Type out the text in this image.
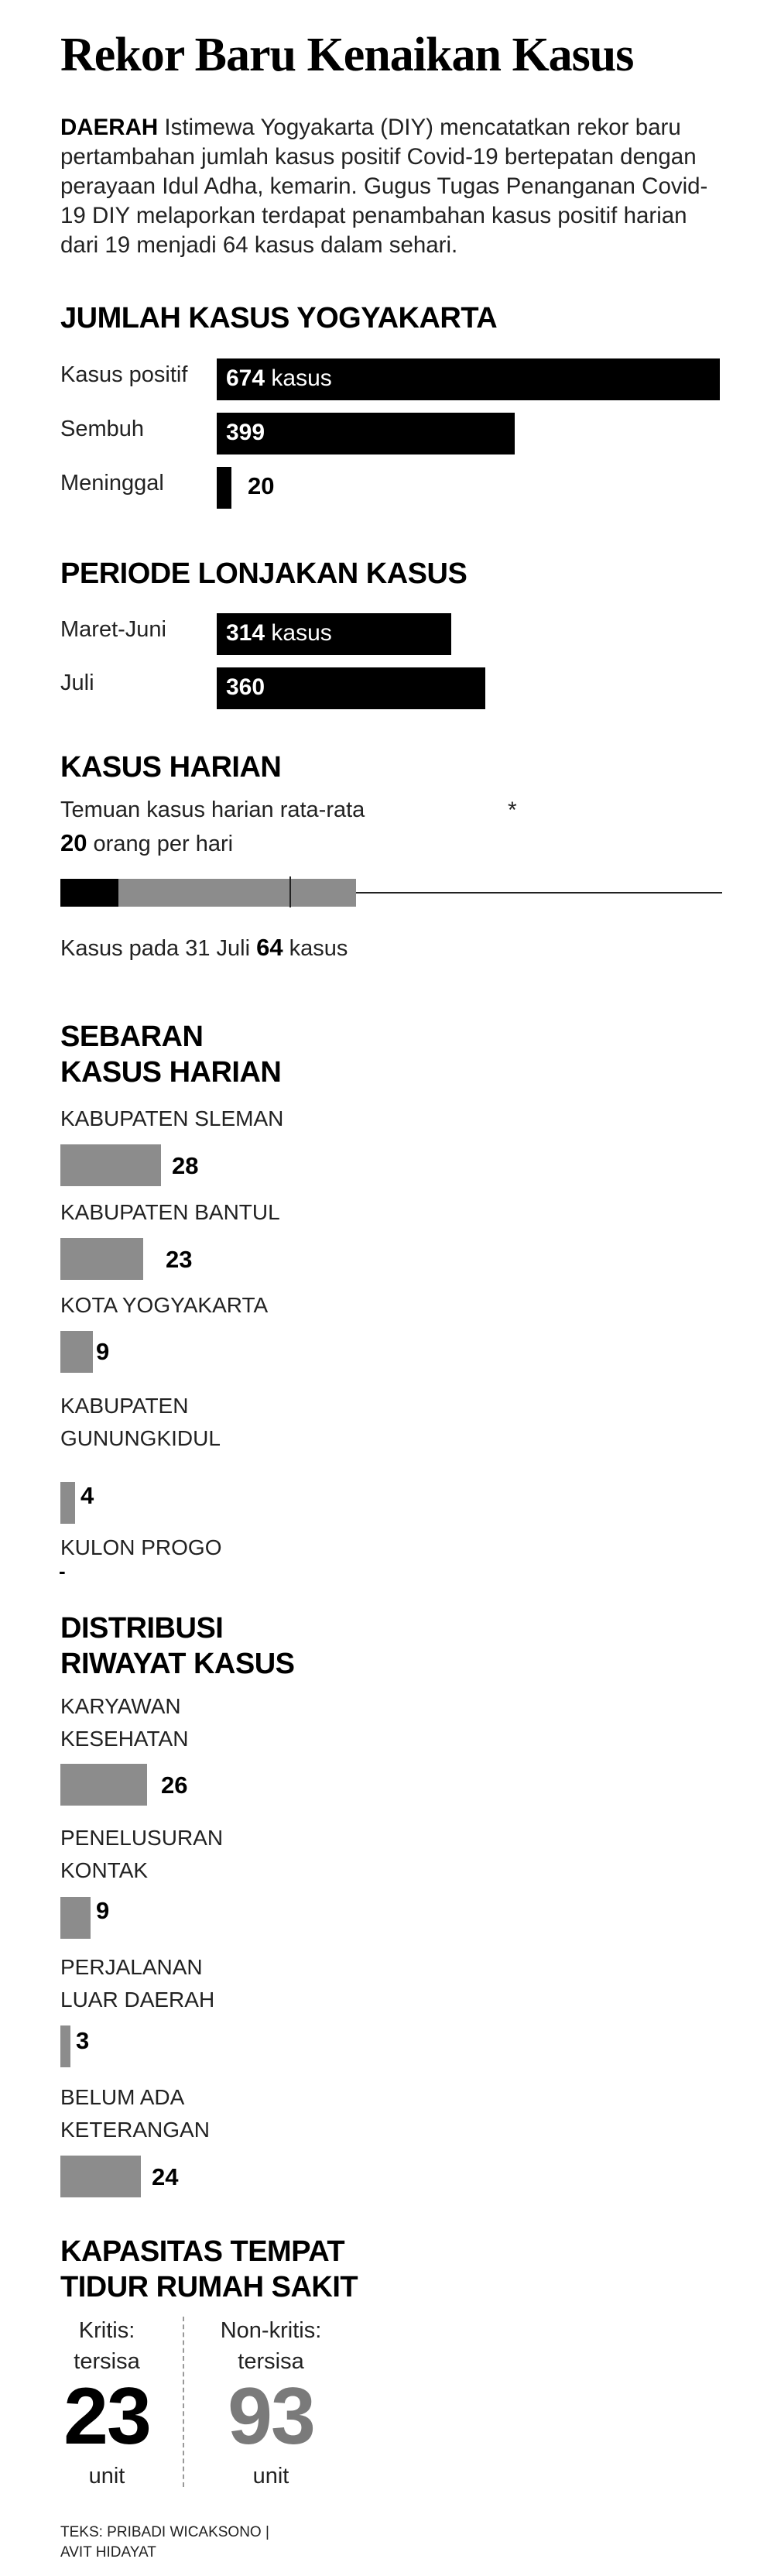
Rekor Baru Kenaikan Kasus
DAERAH Istimewa Yogyakarta (DIY) mencatatkan rekor baru pertambahan jumlah kasus positif Covid-19 bertepatan dengan perayaan Idul Adha, kemarin. Gugus Tugas Penanganan Covid-19 DIY melaporkan terdapat penambahan kasus positif harian dari 19 menjadi 64 kasus dalam sehari.
JUMLAH KASUS YOGYAKARTA
Kasus positif 674 kasus
Sembuh	399
Meninggal	20
PERIODE LONJAKAN KASUS
Maret-Juni	314 kasus
Juli	360
KASUS HARIAN
Temuan kasus harian rata-rata
20 orang per hari
*
Kasus pada 31 Juli 64 kasus
SEBARAN
KASUS HARIAN
KABUPATEN SLEMAN
28
KABUPATEN BANTUL
23
KOTA YOGYAKARTA
9
KABUPATEN
GUNUNGKIDUL
4
KULON PROGO
-
DISTRIBUSI
RIWAYAT KASUS
KARYAWAN
KESEHATAN
26
PENELUSURAN
KONTAK
9
PERJALANAN
LUAR DAERAH
3
BELUM ADA
KETERANGAN
24
KAPASITAS TEMPAT
TIDUR RUMAH SAKIT
Kritis:
tersisa
23
unit
Non-kritis:
tersisa
93
unit
TEKS: PRIBADI WICAKSONO |
AVIT HIDAYAT
